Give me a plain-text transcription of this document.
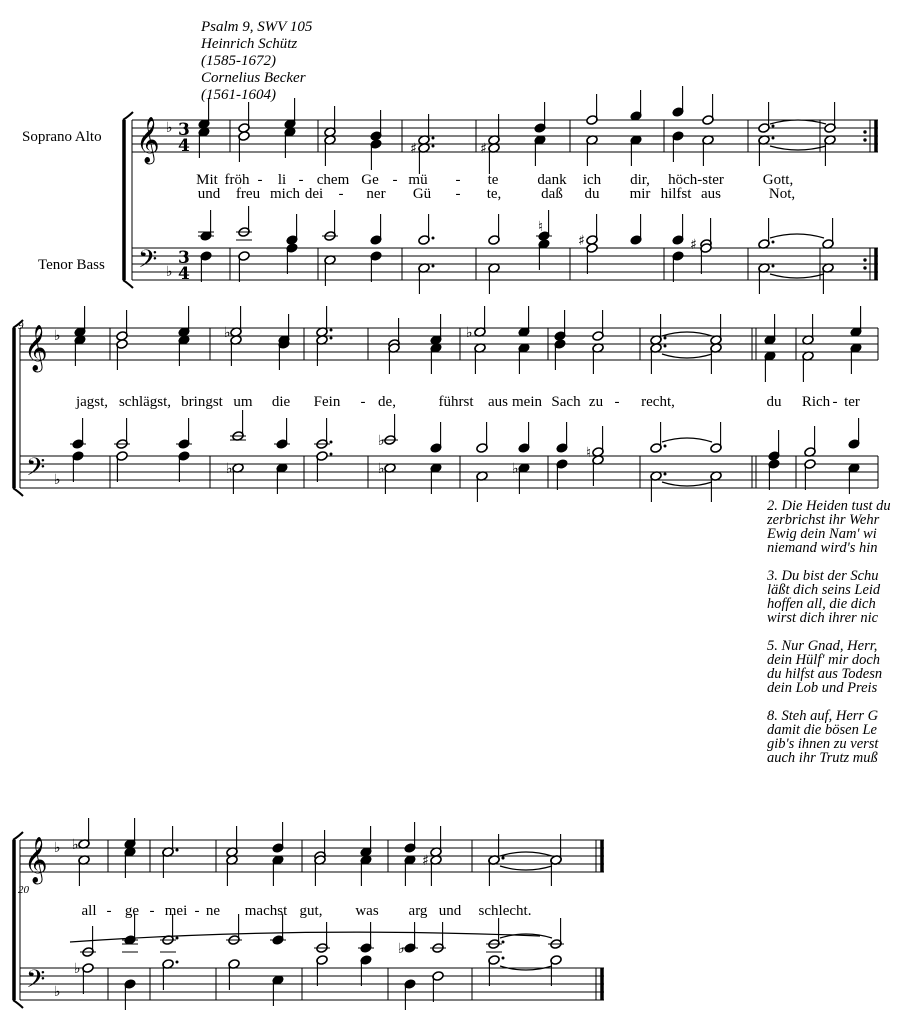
Psalm 9, SWV 105
Heinrich Schütz
(1585-1672)
Cornelius Becker
(1561-1604)
Soprano Alto
Tenor Bass
9
20
𝄞
𝄢
♭
♭
3
3
4
4
♯	♯
♮
♯	♯
𝄞
𝄢
♭
♭
♭	♭
♭
♭
♭	♭
♮
𝄞
𝄢
♭
♭
♭
♯
♭
♭
Mit fröh - li - chem Ge - mü - te	dank ich dir, höch-ster	Gott,
und freu mich dei - ner Gü - te,	daß du mir hilfst aus	Not,
jagst, schlägst, bringst um die Fein - de,	führst aus mein Sach zu - recht,	du Rich - ter
all - ge - mei - ne machst gut, was arg und schlecht.
2. Die Heiden tust du
zerbrichst ihr Wehr
Ewig dein Nam' wi
niemand wird's hin
3. Du bist der Schu
läßt dich seins Leid
hoffen all, die dich
wirst dich ihrer nic
5. Nur Gnad, Herr,
dein Hülf' mir doch
du hilfst aus Todesn
dein Lob und Preis
8. Steh auf, Herr G
damit die bösen Le
gib's ihnen zu verst
auch ihr Trutz muß
